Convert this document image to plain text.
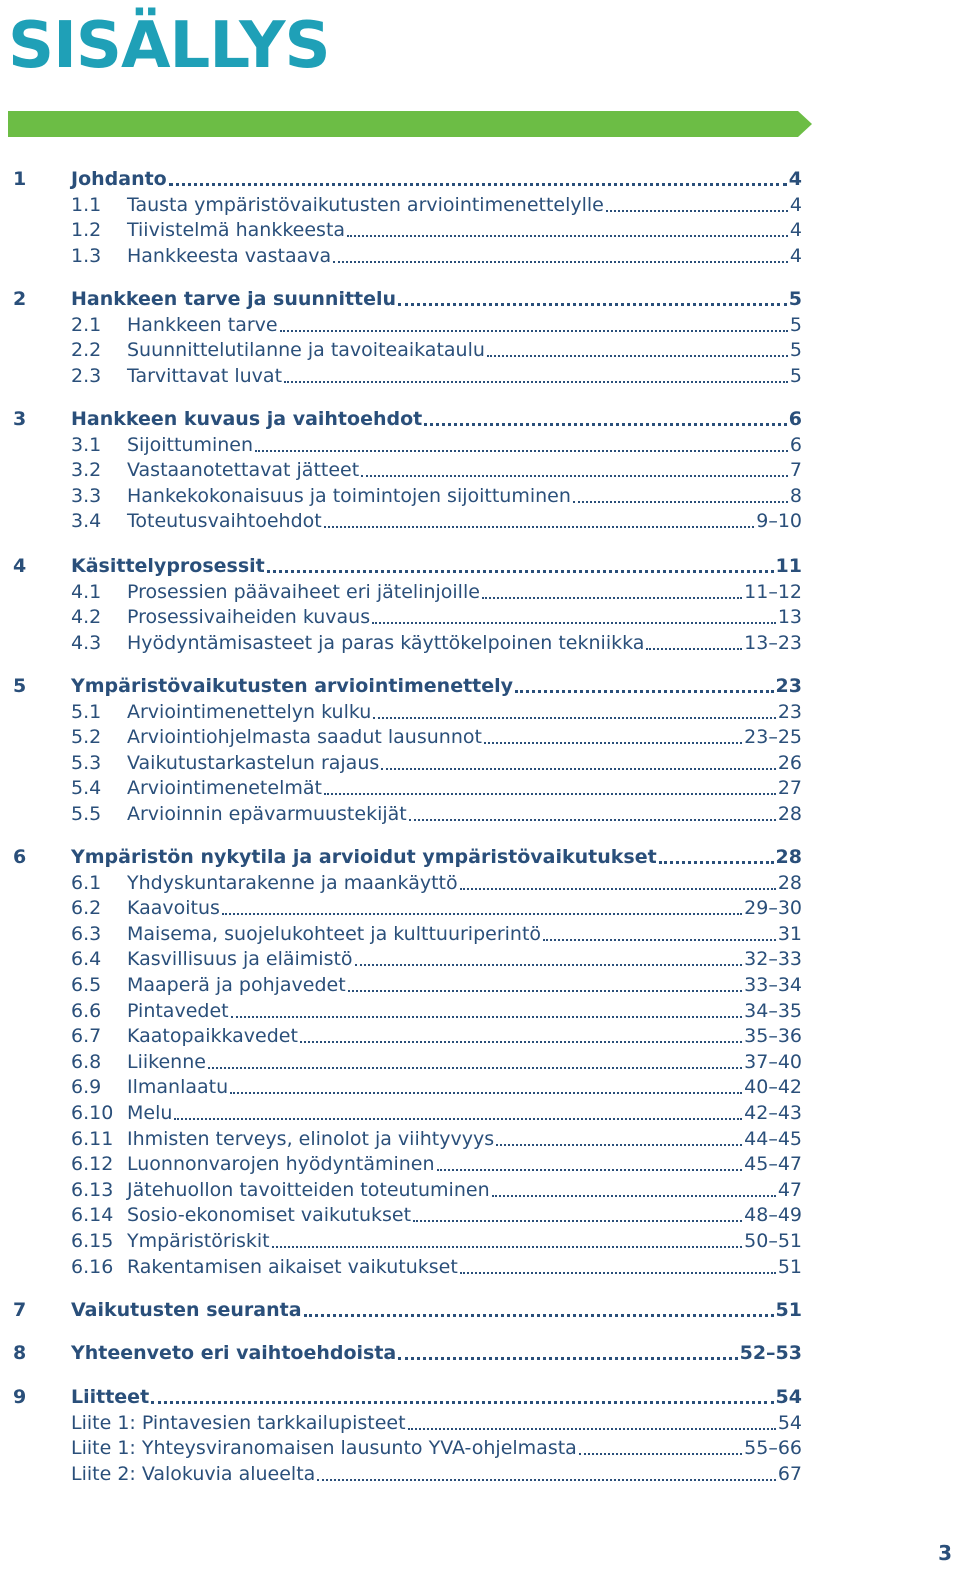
SISÄLLYS
1 Johdanto	4
1.1 Tausta ympäristövaikutusten arviointimenettelylle	4
1.2 Tiivistelmä hankkeesta	4
1.3 Hankkeesta vastaava	4
2 Hankkeen tarve ja suunnittelu	5
2.1 Hankkeen tarve	5
2.2 Suunnittelutilanne ja tavoiteaikataulu	5
2.3 Tarvittavat luvat	5
3 Hankkeen kuvaus ja vaihtoehdot	6
3.1 Sijoittuminen	6
3.2 Vastaanotettavat jätteet	7
3.3 Hankekokonaisuus ja toimintojen sijoittuminen	8
3.4 Toteutusvaihtoehdot	9–10
4 Käsittelyprosessit	11
4.1 Prosessien päävaiheet eri jätelinjoille	11–12
4.2 Prosessivaiheiden kuvaus	13
4.3 Hyödyntämisasteet ja paras käyttökelpoinen tekniikka	13–23
5 Ympäristövaikutusten arviointimenettely	23
5.1 Arviointimenettelyn kulku	23
5.2 Arviointiohjelmasta saadut lausunnot	23–25
5.3 Vaikutustarkastelun rajaus	26
5.4 Arviointimenetelmät	27
5.5 Arvioinnin epävarmuustekijät	28
6 Ympäristön nykytila ja arvioidut ympäristövaikutukset	28
6.1 Yhdyskuntarakenne ja maankäyttö	28
6.2 Kaavoitus	29–30
6.3 Maisema, suojelukohteet ja kulttuuriperintö	31
6.4 Kasvillisuus ja eläimistö	32–33
6.5 Maaperä ja pohjavedet	33–34
6.6 Pintavedet	34–35
6.7 Kaatopaikkavedet	35–36
6.8 Liikenne	37–40
6.9 Ilmanlaatu	40–42
6.10 Melu	42–43
6.11 Ihmisten terveys, elinolot ja viihtyvyys	44–45
6.12 Luonnonvarojen hyödyntäminen	45–47
6.13 Jätehuollon tavoitteiden toteutuminen	47
6.14 Sosio-ekonomiset vaikutukset	48–49
6.15 Ympäristöriskit	50–51
6.16 Rakentamisen aikaiset vaikutukset	51
7 Vaikutusten seuranta	51
8 Yhteenveto eri vaihtoehdoista	52–53
9 Liitteet	54
Liite 1: Pintavesien tarkkailupisteet	54
Liite 1: Yhteysviranomaisen lausunto YVA-ohjelmasta	55–66
Liite 2: Valokuvia alueelta	67
3
